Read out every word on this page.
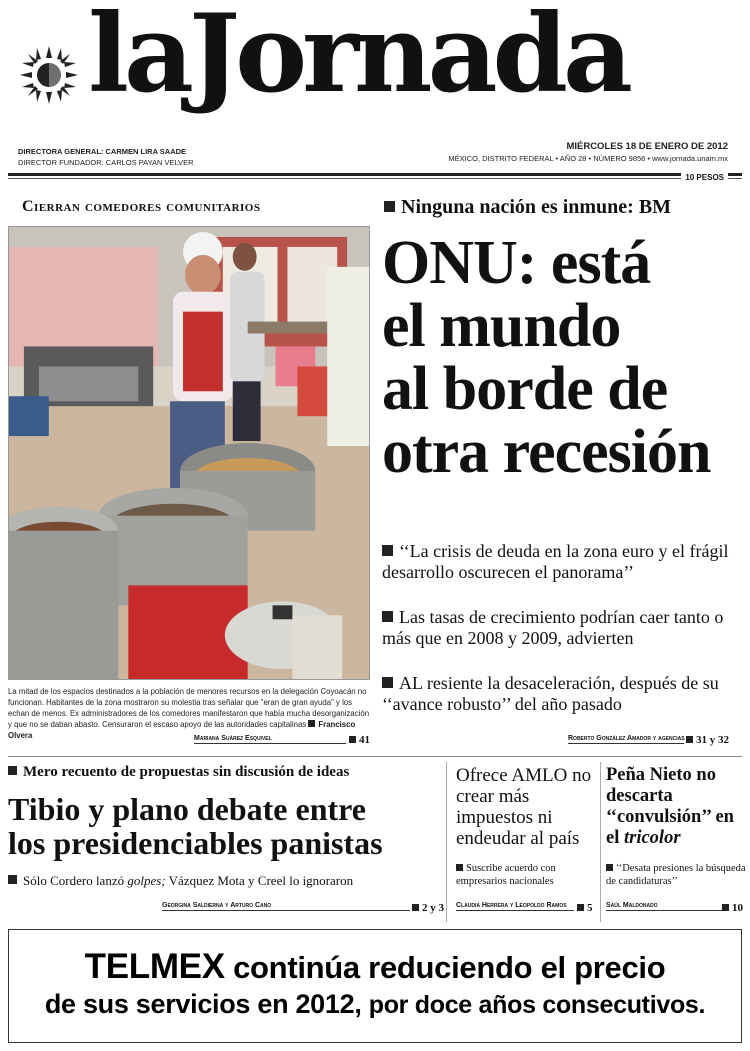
laJornada
DIRECTORA GENERAL: CARMEN LIRA SAADE
DIRECTOR FUNDADOR: CARLOS PAYAN VELVER
MIÉRCOLES 18 DE ENERO DE 2012
MÉXICO, DISTRITO FEDERAL • AÑO 28 • NÚMERO 9856 • www.jornada.unam.mx
10 PESOS
Cierran comedores comunitarios
La mitad de los espacios destinados a la población de menores recursos en la delegación Coyoacán no funcionan. Habitantes de la zona mostraron su molestia tras señalar que "eran de gran ayuda" y los echan de menos. Ex administradores de los comedores manifestaron que había mucha desorganización y que no se daban abasto. Censuraron el escaso apoyo de las autoridades capitalinas Francisco Olvera	Mariana Suárez Esquivel	41
Ninguna nación es inmune: BM
ONU: está
el mundo
al borde de
otra recesión
‘‘La crisis de deuda en la zona euro y el frágil desarrollo oscurecen el panorama’’
Las tasas de crecimiento podrían caer tanto o más que en 2008 y 2009, advierten
AL resiente la desaceleración, después de su ‘‘avance robusto’’ del año pasado
Roberto González Amador y agencias	31 y 32
Mero recuento de propuestas sin discusión de ideas
Tibio y plano debate entre
los presidenciables panistas
Sólo Cordero lanzó golpes; Vázquez Mota y Creel lo ignoraron
Georgina Saldierna y Arturo Cano	2 y 3
Ofrece AMLO no crear más impuestos ni endeudar al país
Suscribe acuerdo con empresarios nacionales
Claudia Herrera y Leopoldo Ramos	5
Peña Nieto no descarta ‘‘convulsión’’ en el tricolor
‘‘Desata presiones la búsqueda de candidaturas’’
Saúl Maldonado	10
TELMEX continúa reduciendo el precio
de sus servicios en 2012, por doce años consecutivos.
